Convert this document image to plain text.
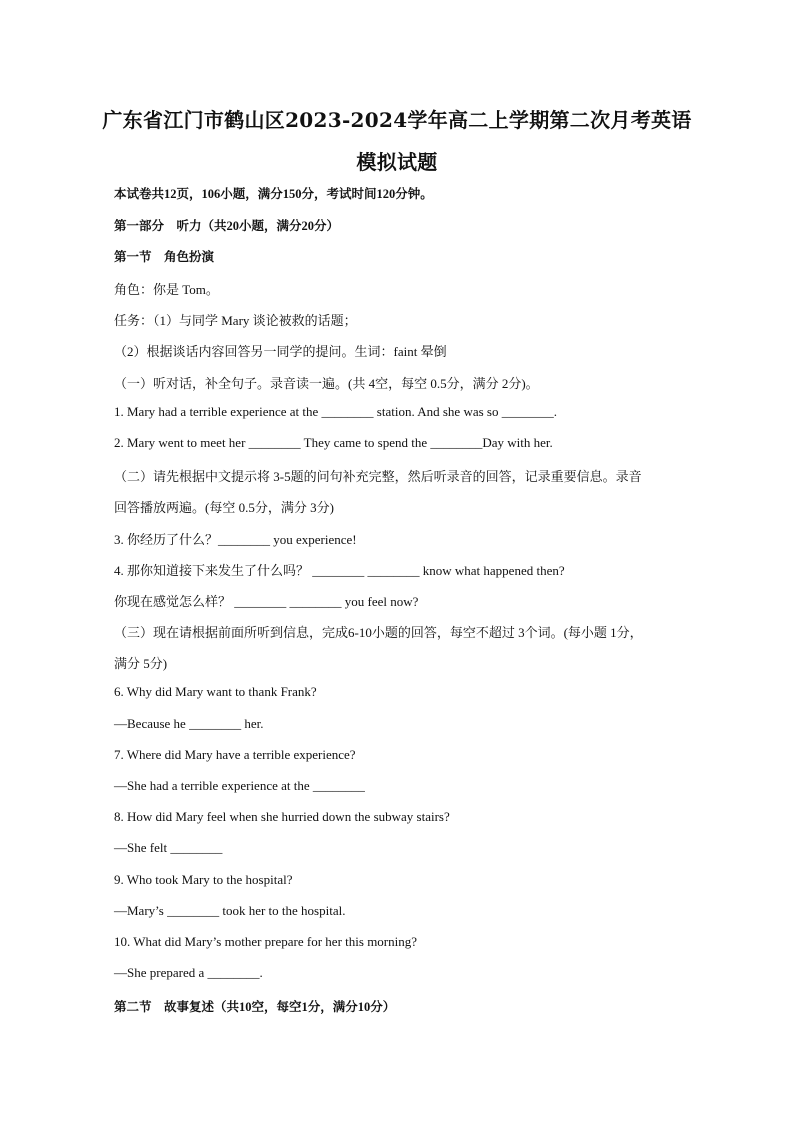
广东省江门市鹤山区2023-2024学年高二上学期第二次月考英语
模拟试题
本试卷共12页，106小题，满分150分，考试时间120分钟。
第一部分　听力（共20小题，满分20分）
第一节　角色扮演
角色：你是 Tom。
任务：（1）与同学 Mary 谈论被救的话题；
（2）根据谈话内容回答另一同学的提问。生词：faint 晕倒
（一）听对话，补全句子。录音读一遍。(共 4空，每空 0.5分，满分 2分)。
1. Mary had a terrible experience at the ________ station. And she was so ________.
2. Mary went to meet her ________ They came to spend the ________Day with her.
（二）请先根据中文提示将 3-5题的问句补充完整，然后听录音的回答，记录重要信息。录音
回答播放两遍。(每空 0.5分，满分 3分)
3. 你经历了什么？________ you experience!
4. 那你知道接下来发生了什么吗？ ________ ________ know what happened then?
你现在感觉怎么样？ ________ ________ you feel now?
（三）现在请根据前面所听到信息，完成6-10小题的回答，每空不超过 3个词。(每小题 1分，
满分 5分)
6. Why did Mary want to thank Frank?
—Because he ________ her.
7. Where did Mary have a terrible experience?
—She had a terrible experience at the ________
8. How did Mary feel when she hurried down the subway stairs?
—She felt ________
9. Who took Mary to the hospital?
—Mary’s ________ took her to the hospital.
10. What did Mary’s mother prepare for her this morning?
—She prepared a ________.
第二节　故事复述（共10空，每空1分，满分10分）
